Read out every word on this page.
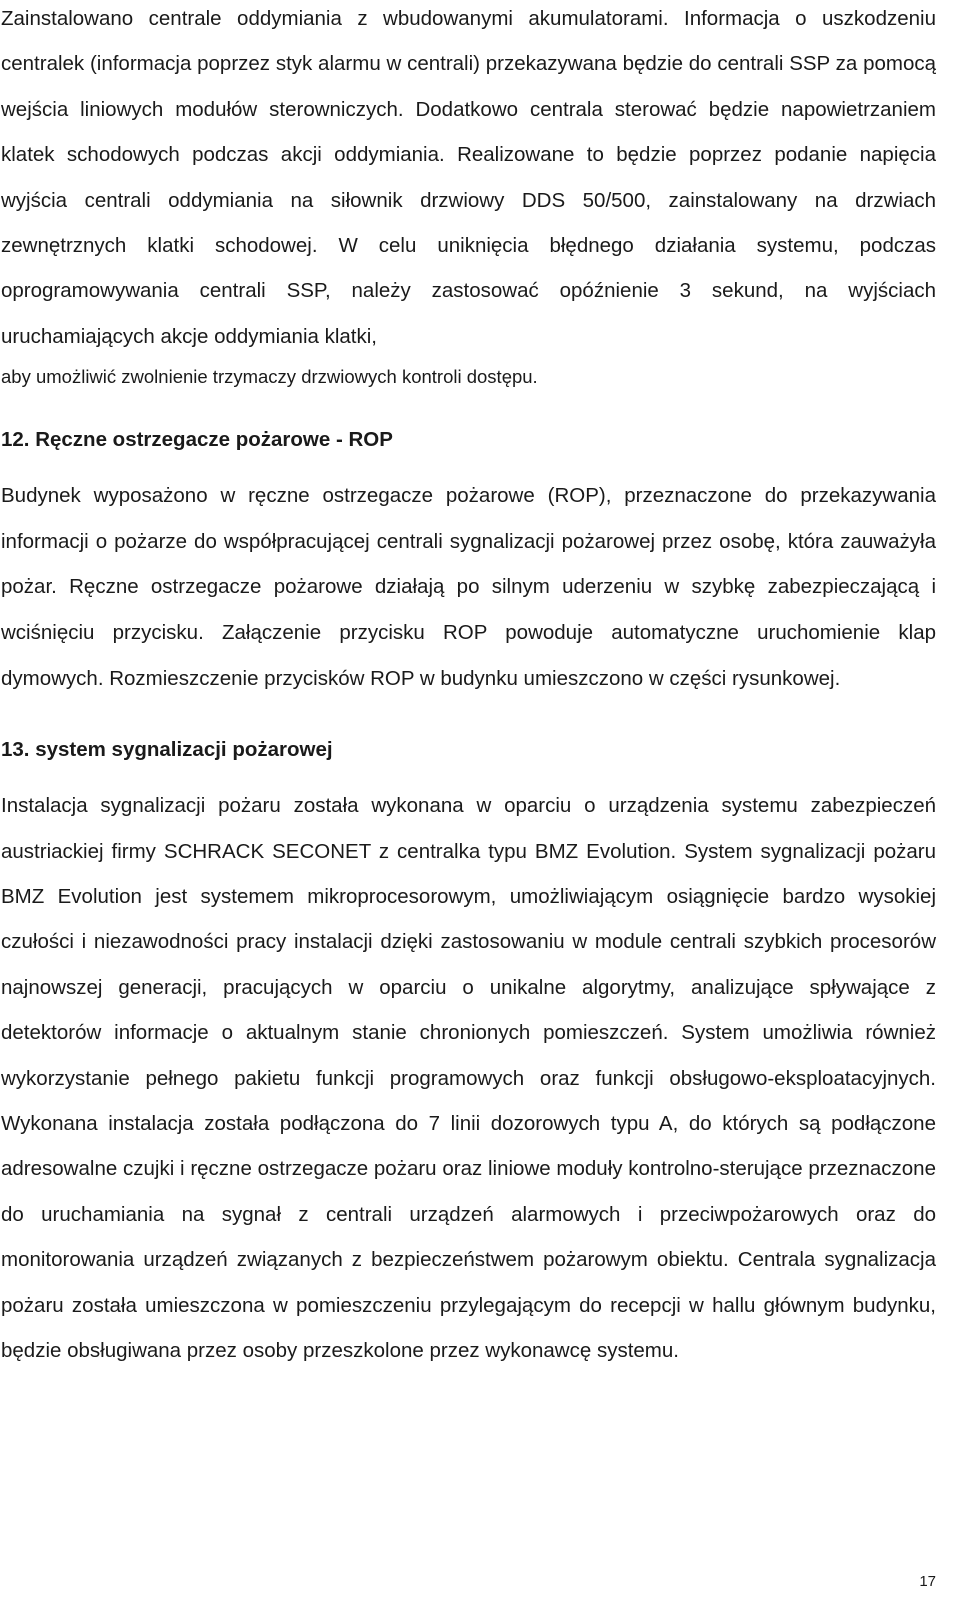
Zainstalowano centrale oddymiania z wbudowanymi akumulatorami. Informacja o uszkodzeniu centralek (informacja poprzez styk alarmu w centrali) przekazywana będzie do centrali SSP za pomocą wejścia liniowych modułów sterowniczych. Dodatkowo centrala sterować będzie napowietrzaniem klatek schodowych podczas akcji oddymiania. Realizowane to będzie poprzez podanie napięcia wyjścia centrali oddymiania na siłownik drzwiowy DDS 50/500, zainstalowany na drzwiach zewnętrznych klatki schodowej. W celu uniknięcia błędnego działania systemu, podczas oprogramowywania centrali SSP, należy zastosować opóźnienie 3 sekund, na wyjściach uruchamiających akcje oddymiania klatki,

aby umożliwić zwolnienie trzymaczy drzwiowych kontroli dostępu.

12. Ręczne ostrzegacze pożarowe - ROP

Budynek wyposażono w ręczne ostrzegacze pożarowe (ROP), przeznaczone do przekazywania informacji o pożarze do współpracującej centrali sygnalizacji pożarowej przez osobę, która zauważyła pożar. Ręczne ostrzegacze pożarowe działają po silnym uderzeniu w szybkę zabezpieczającą i wciśnięciu przycisku. Załączenie przycisku ROP powoduje automatyczne uruchomienie klap dymowych. Rozmieszczenie przycisków ROP w budynku umieszczono w części rysunkowej.

13. system sygnalizacji pożarowej

Instalacja sygnalizacji pożaru została wykonana w oparciu o urządzenia systemu zabezpieczeń austriackiej firmy SCHRACK SECONET z centralka typu BMZ Evolution. System sygnalizacji pożaru BMZ Evolution jest systemem mikroprocesorowym, umożliwiającym osiągnięcie bardzo wysokiej czułości i niezawodności pracy instalacji dzięki zastosowaniu w module centrali szybkich procesorów najnowszej generacji, pracujących w oparciu o unikalne algorytmy, analizujące spływające z detektorów informacje o aktualnym stanie chronionych pomieszczeń. System umożliwia również wykorzystanie pełnego pakietu funkcji programowych oraz funkcji obsługowo-eksploatacyjnych. Wykonana instalacja została podłączona do 7 linii dozorowych typu A, do których są podłączone adresowalne czujki i ręczne ostrzegacze pożaru oraz liniowe moduły kontrolno-sterujące przeznaczone do uruchamiania na sygnał z centrali urządzeń alarmowych i przeciwpożarowych oraz do monitorowania urządzeń związanych z bezpieczeństwem pożarowym obiektu. Centrala sygnalizacja pożaru została umieszczona w pomieszczeniu przylegającym do recepcji w hallu głównym budynku, będzie obsługiwana przez osoby przeszkolone przez wykonawcę systemu.

17
